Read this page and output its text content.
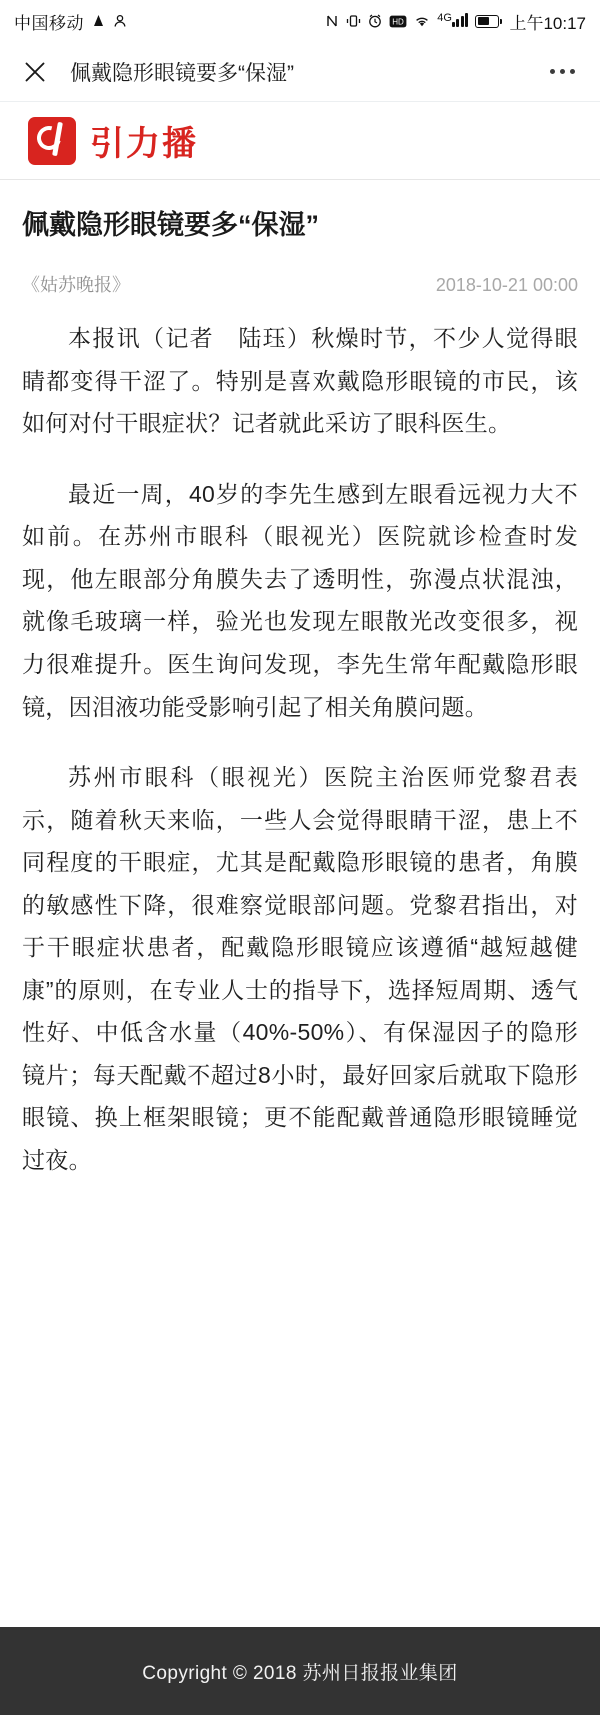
中国移动	HD	$^{4G}$	上午10:17
佩戴隐形眼镜要多“保湿”
引力播
佩戴隐形眼镜要多“保湿”
《姑苏晚报》	2018-10-21 00:00

本报讯（记者　陆珏）秋燥时节，不少人觉得眼睛都变得干涩了。特别是喜欢戴隐形眼镜的市民，该如何对付干眼症状？记者就此采访了眼科医生。

最近一周，40岁的李先生感到左眼看远视力大不如前。在苏州市眼科（眼视光）医院就诊检查时发现，他左眼部分角膜失去了透明性，弥漫点状混浊，就像毛玻璃一样，验光也发现左眼散光改变很多，视力很难提升。医生询问发现，李先生常年配戴隐形眼镜，因泪液功能受影响引起了相关角膜问题。

苏州市眼科（眼视光）医院主治医师党黎君表示，随着秋天来临，一些人会觉得眼睛干涩，患上不同程度的干眼症，尤其是配戴隐形眼镜的患者，角膜的敏感性下降，很难察觉眼部问题。党黎君指出，对于干眼症状患者，配戴隐形眼镜应该遵循“越短越健康”的原则，在专业人士的指导下，选择短周期、透气性好、中低含水量（40%-50%）、有保湿因子的隐形镜片；每天配戴不超过8小时，最好回家后就取下隐形眼镜、换上框架眼镜；更不能配戴普通隐形眼镜睡觉过夜。

Copyright © 2018 苏州日报报业集团
